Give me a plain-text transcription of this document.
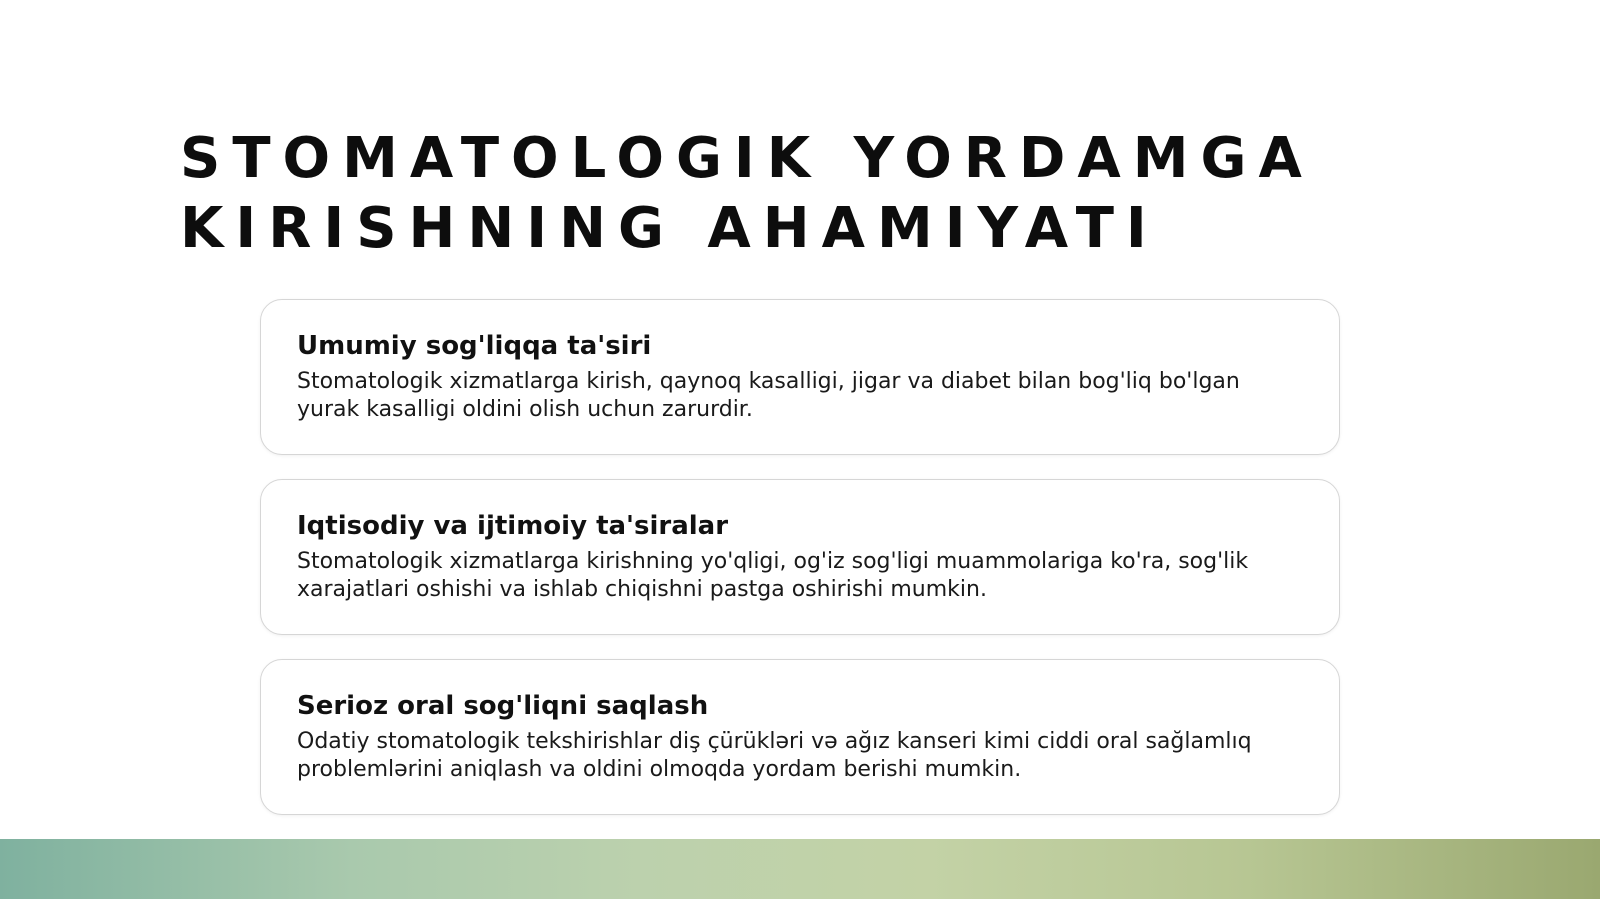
STOMATOLOGIK YORDAMGA
KIRISHNING AHAMIYATI
Umumiy sog'liqqa ta'siri

Stomatologik xizmatlarga kirish, qaynoq kasalligi, jigar va diabet bilan bog'liq bo'lgan yurak kasalligi oldini olish uchun zarurdir.

Iqtisodiy va ijtimoiy ta'siralar

Stomatologik xizmatlarga kirishning yo'qligi, og'iz sog'ligi muammolariga ko'ra, sog'lik xarajatlari oshishi va ishlab chiqishni pastga oshirishi mumkin.

Serioz oral sog'liqni saqlash

Odatiy stomatologik tekshirishlar diş çürükləri və ağız kanseri kimi ciddi oral sağlamlıq problemlərini aniqlash va oldini olmoqda yordam berishi mumkin.
